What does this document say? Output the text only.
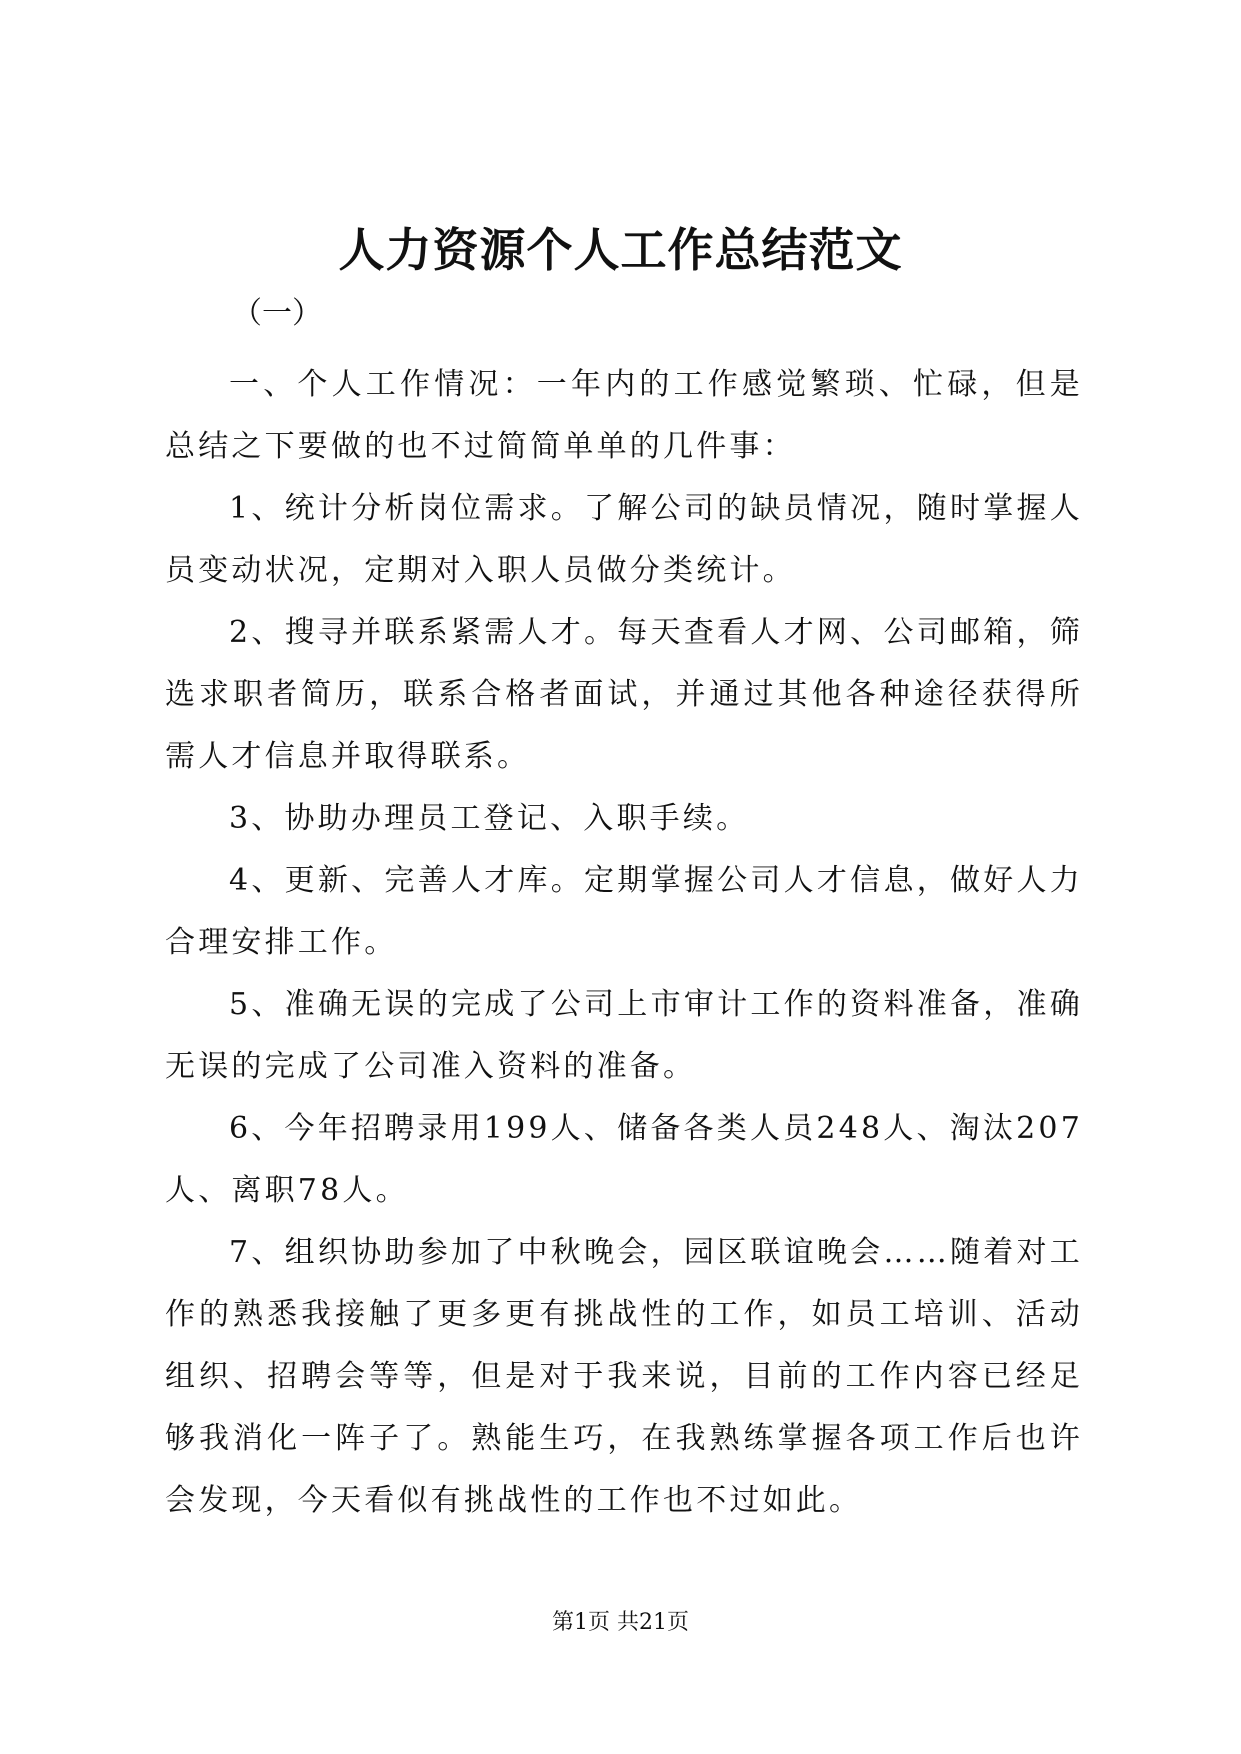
人力资源个人工作总结范文

（一）

一、个人工作情况：一年内的工作感觉繁琐、忙碌，但是总结之下要做的也不过简简单单的几件事：

1、统计分析岗位需求。了解公司的缺员情况，随时掌握人员变动状况，定期对入职人员做分类统计。

2、搜寻并联系紧需人才。每天查看人才网、公司邮箱，筛选求职者简历，联系合格者面试，并通过其他各种途径获得所需人才信息并取得联系。

3、协助办理员工登记、入职手续。

4、更新、完善人才库。定期掌握公司人才信息，做好人力合理安排工作。

5、准确无误的完成了公司上市审计工作的资料准备，准确无误的完成了公司准入资料的准备。

6、今年招聘录用199人、储备各类人员248人、淘汰207人、离职78人。

7、组织协助参加了中秋晚会，园区联谊晚会……随着对工作的熟悉我接触了更多更有挑战性的工作，如员工培训、活动组织、招聘会等等，但是对于我来说，目前的工作内容已经足够我消化一阵子了。熟能生巧，在我熟练掌握各项工作后也许会发现，今天看似有挑战性的工作也不过如此。

第1页 共21页
